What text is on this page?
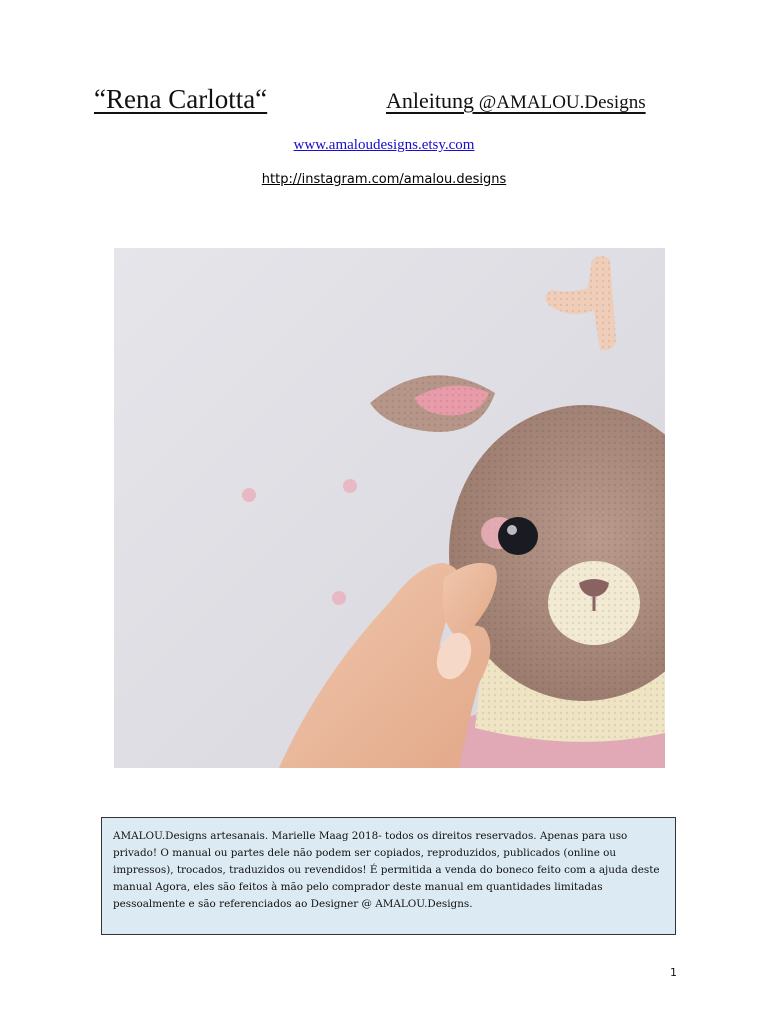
“Rena Carlotta“	Anleitung @AMALOU.Designs
www.amaloudesigns.etsy.com
http://instagram.com/amalou.designs
AMALOU.Designs artesanais. Marielle Maag 2018- todos os direitos reservados. Apenas para uso privado! O manual ou partes dele não podem ser copiados, reproduzidos, publicados (online ou impressos), trocados, traduzidos ou revendidos! É permitida a venda do boneco feito com a ajuda deste manual Agora, eles são feitos à mão pelo comprador deste manual em quantidades limitadas pessoalmente e são referenciados ao Designer @ AMALOU.Designs.
1
